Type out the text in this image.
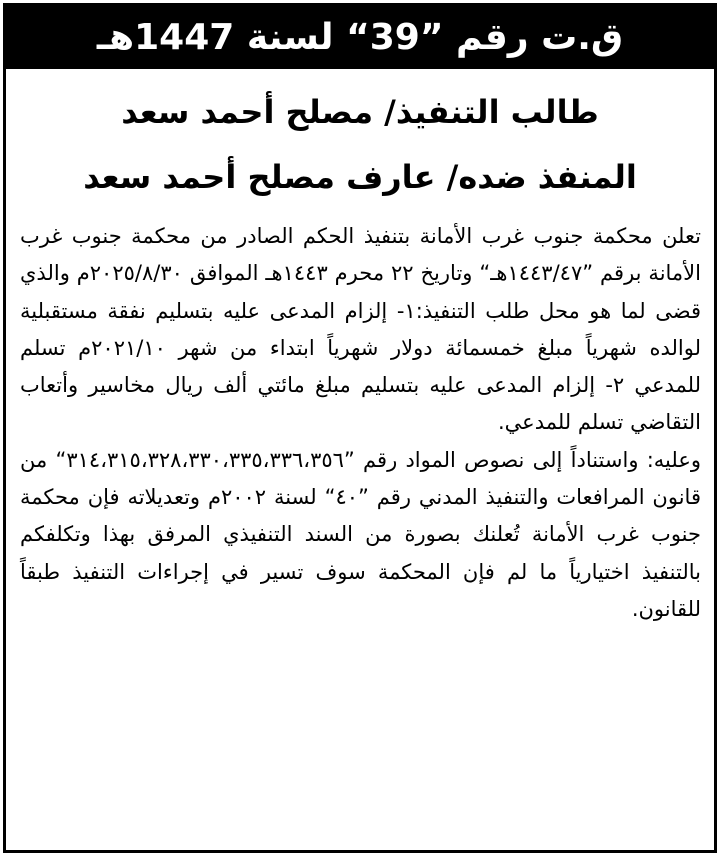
ق.ت رقم ”39“ لسنة 1447هـ
طالب التنفيذ/ مصلح أحمد سعد
المنفذ ضده/ عارف مصلح أحمد سعد

تعلن محكمة جنوب غرب الأمانة بتنفيذ الحكم الصادر من محكمة جنوب غرب الأمانة برقم ”١٤٤٣/٤٧هـ“ وتاريخ ٢٢ محرم ١٤٤٣هـ الموافق ٢٠٢٥/٨/٣٠م والذي قضى لما هو محل طلب التنفيذ:١- إلزام المدعى عليه بتسليم نفقة مستقبلية لوالده شهرياً مبلغ خمسمائة دولار شهرياً ابتداء من شهر ٢٠٢١/١٠م تسلم للمدعي ٢- إلزام المدعى عليه بتسليم مبلغ مائتي ألف ريال مخاسير وأتعاب التقاضي تسلم للمدعي.

وعليه: واستناداً إلى نصوص المواد رقم ”٣١٤،٣١٥،٣٢٨،٣٣٠،٣٣٥،٣٣٦،٣٥٦“ من قانون المرافعات والتنفيذ المدني رقم ”٤٠“ لسنة ٢٠٠٢م وتعديلاته فإن محكمة جنوب غرب الأمانة تُعلنك بصورة من السند التنفيذي المرفق بهذا وتكلفكم بالتنفيذ اختيارياً ما لم فإن المحكمة سوف تسير في إجراءات التنفيذ طبقاً للقانون.
